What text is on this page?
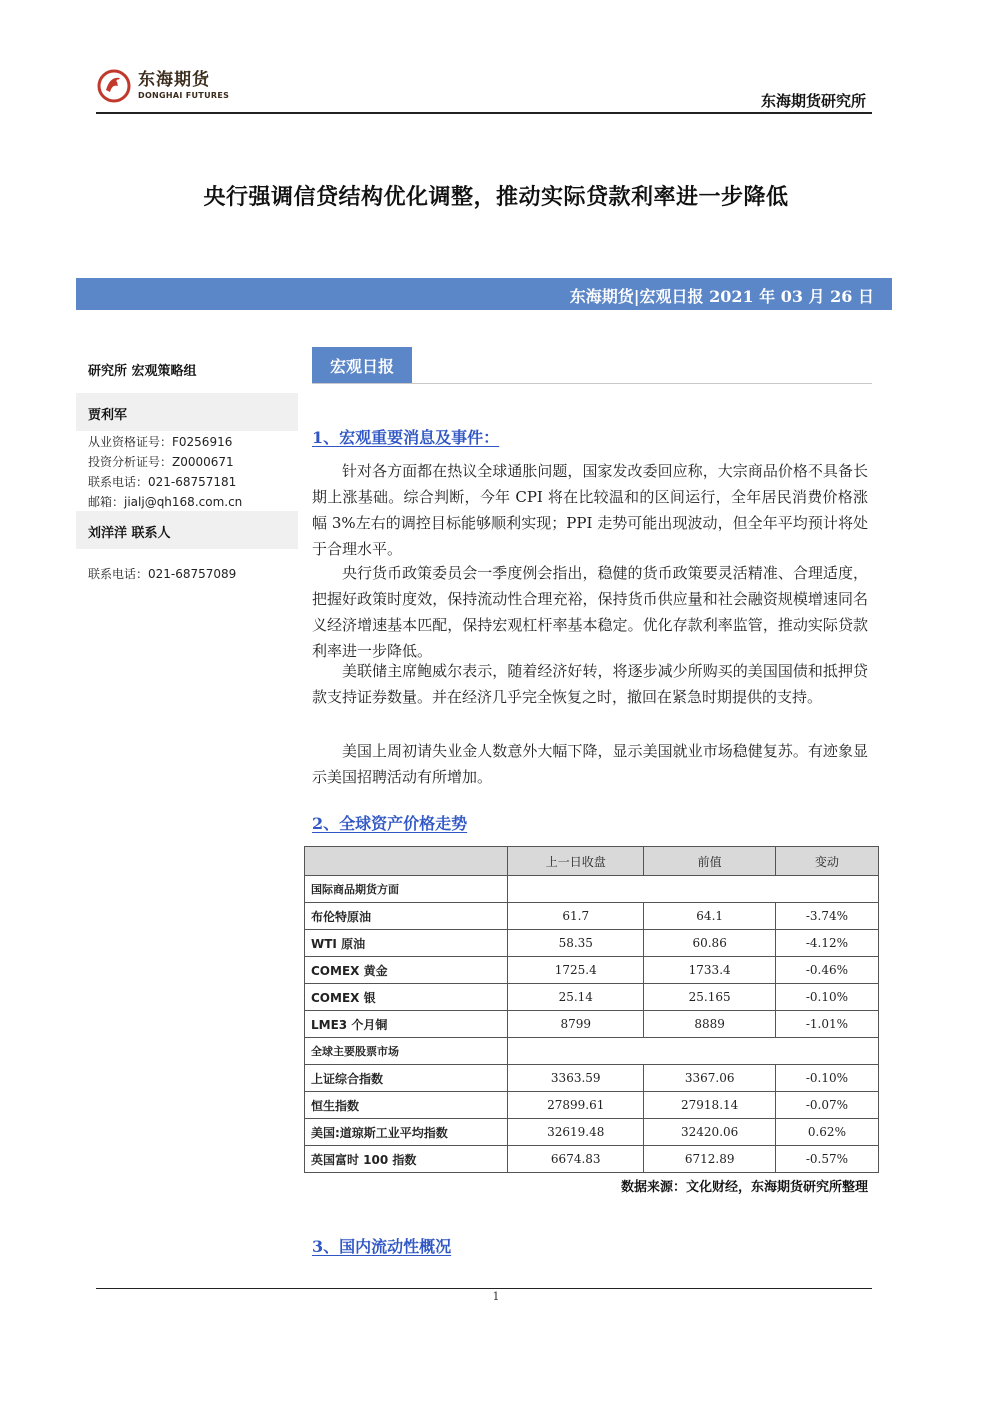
东海期货
DONGHAI FUTURES	东海期货研究所
央行强调信贷结构优化调整，推动实际贷款利率进一步降低
东海期货|宏观日报 2021 年 03 月 26 日
研究所 宏观策略组
贾利军
从业资格证号：F0256916
投资分析证号：Z0000671
联系电话：021-68757181
邮箱：jialj@qh168.com.cn
刘洋洋 联系人
联系电话：021-68757089
宏观日报
1、宏观重要消息及事件：
针对各方面都在热议全球通胀问题，国家发改委回应称，大宗商品价格不具备长期上涨基础。综合判断，今年 CPI 将在比较温和的区间运行，全年居民消费价格涨幅 3%左右的调控目标能够顺利实现；PPI 走势可能出现波动，但全年平均预计将处于合理水平。
央行货币政策委员会一季度例会指出，稳健的货币政策要灵活精准、合理适度，把握好政策时度效，保持流动性合理充裕，保持货币供应量和社会融资规模增速同名义经济增速基本匹配，保持宏观杠杆率基本稳定。优化存款利率监管，推动实际贷款利率进一步降低。
美联储主席鲍威尔表示，随着经济好转，将逐步减少所购买的美国国债和抵押贷款支持证券数量。并在经济几乎完全恢复之时，撤回在紧急时期提供的支持。
美国上周初请失业金人数意外大幅下降，显示美国就业市场稳健复苏。有迹象显示美国招聘活动有所增加。
2、全球资产价格走势
	上一日收盘	前值	变动
国际商品期货方面			
布伦特原油	61.7	64.1	-3.74%
WTI 原油	58.35	60.86	-4.12%
COMEX 黄金	1725.4	1733.4	-0.46%
COMEX 银	25.14	25.165	-0.10%
LME3 个月铜	8799	8889	-1.01%
全球主要股票市场			
上证综合指数	3363.59	3367.06	-0.10%
恒生指数	27899.61	27918.14	-0.07%
美国:道琼斯工业平均指数	32619.48	32420.06	0.62%
英国富时 100 指数	6674.83	6712.89	-0.57%
数据来源：文化财经，东海期货研究所整理
3、国内流动性概况
1
